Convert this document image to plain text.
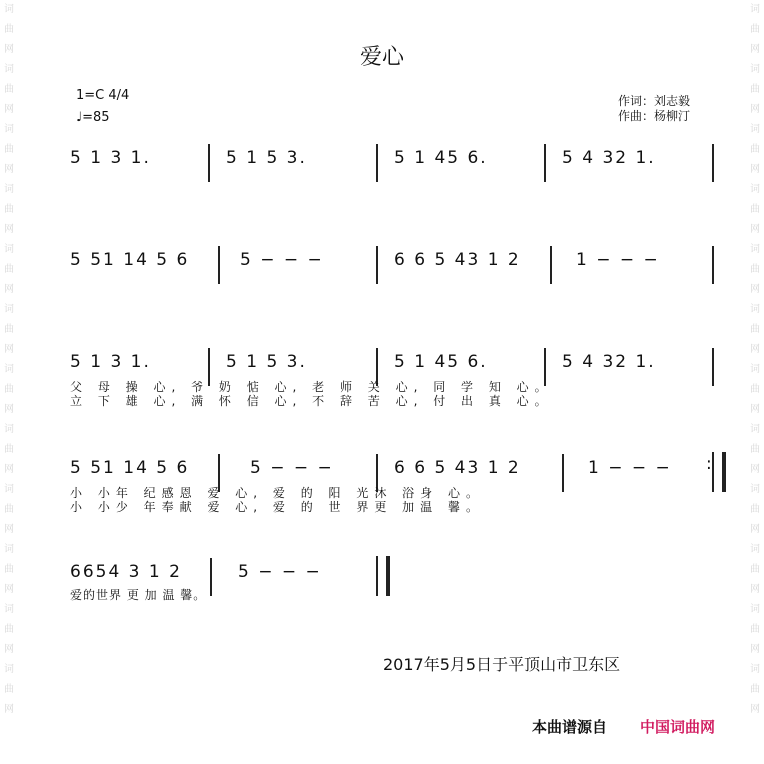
词曲网
词曲网
词曲网
词曲网
词曲网
词曲网
词曲网
词曲网
词曲网
词曲网
词曲网
词曲网
词曲网
词曲网
词曲网
词曲网
词曲网
词曲网
词曲网
词曲网
词曲网
词曲网
词曲网
词曲网
爱心
1=C 4/4
♩=85
作词：刘志毅
作曲：杨柳汀
5 1 3 1.	5 1 5 3.	5 1 45 6.	5 4 32 1.
5 51 14 5 6	5 − − −	6 6 5 43 1 2	1 − − −
5 1 3 1.	5 1 5 3.	5 1 45 6.	5 4 32 1.
父 母 操 心, 爷 奶 惦 心, 老 师 关 心, 同 学 知 心。
立 下 雄 心, 满 怀 信 心, 不 辞 苦 心, 付 出 真 心。
5 51 14 5 6	5 − − −	6 6 5 43 1 2	1 − − − :
小 小年 纪感恩 爱 心, 爱 的 阳 光沐 浴身 心。
小 小少 年奉献 爱 心, 爱 的 世 界更 加温 馨。
6654 3 1 2	5 − − −
爱的世界 更 加 温 馨。
2017年5月5日于平顶山市卫东区
本曲谱源自 中国词曲网
